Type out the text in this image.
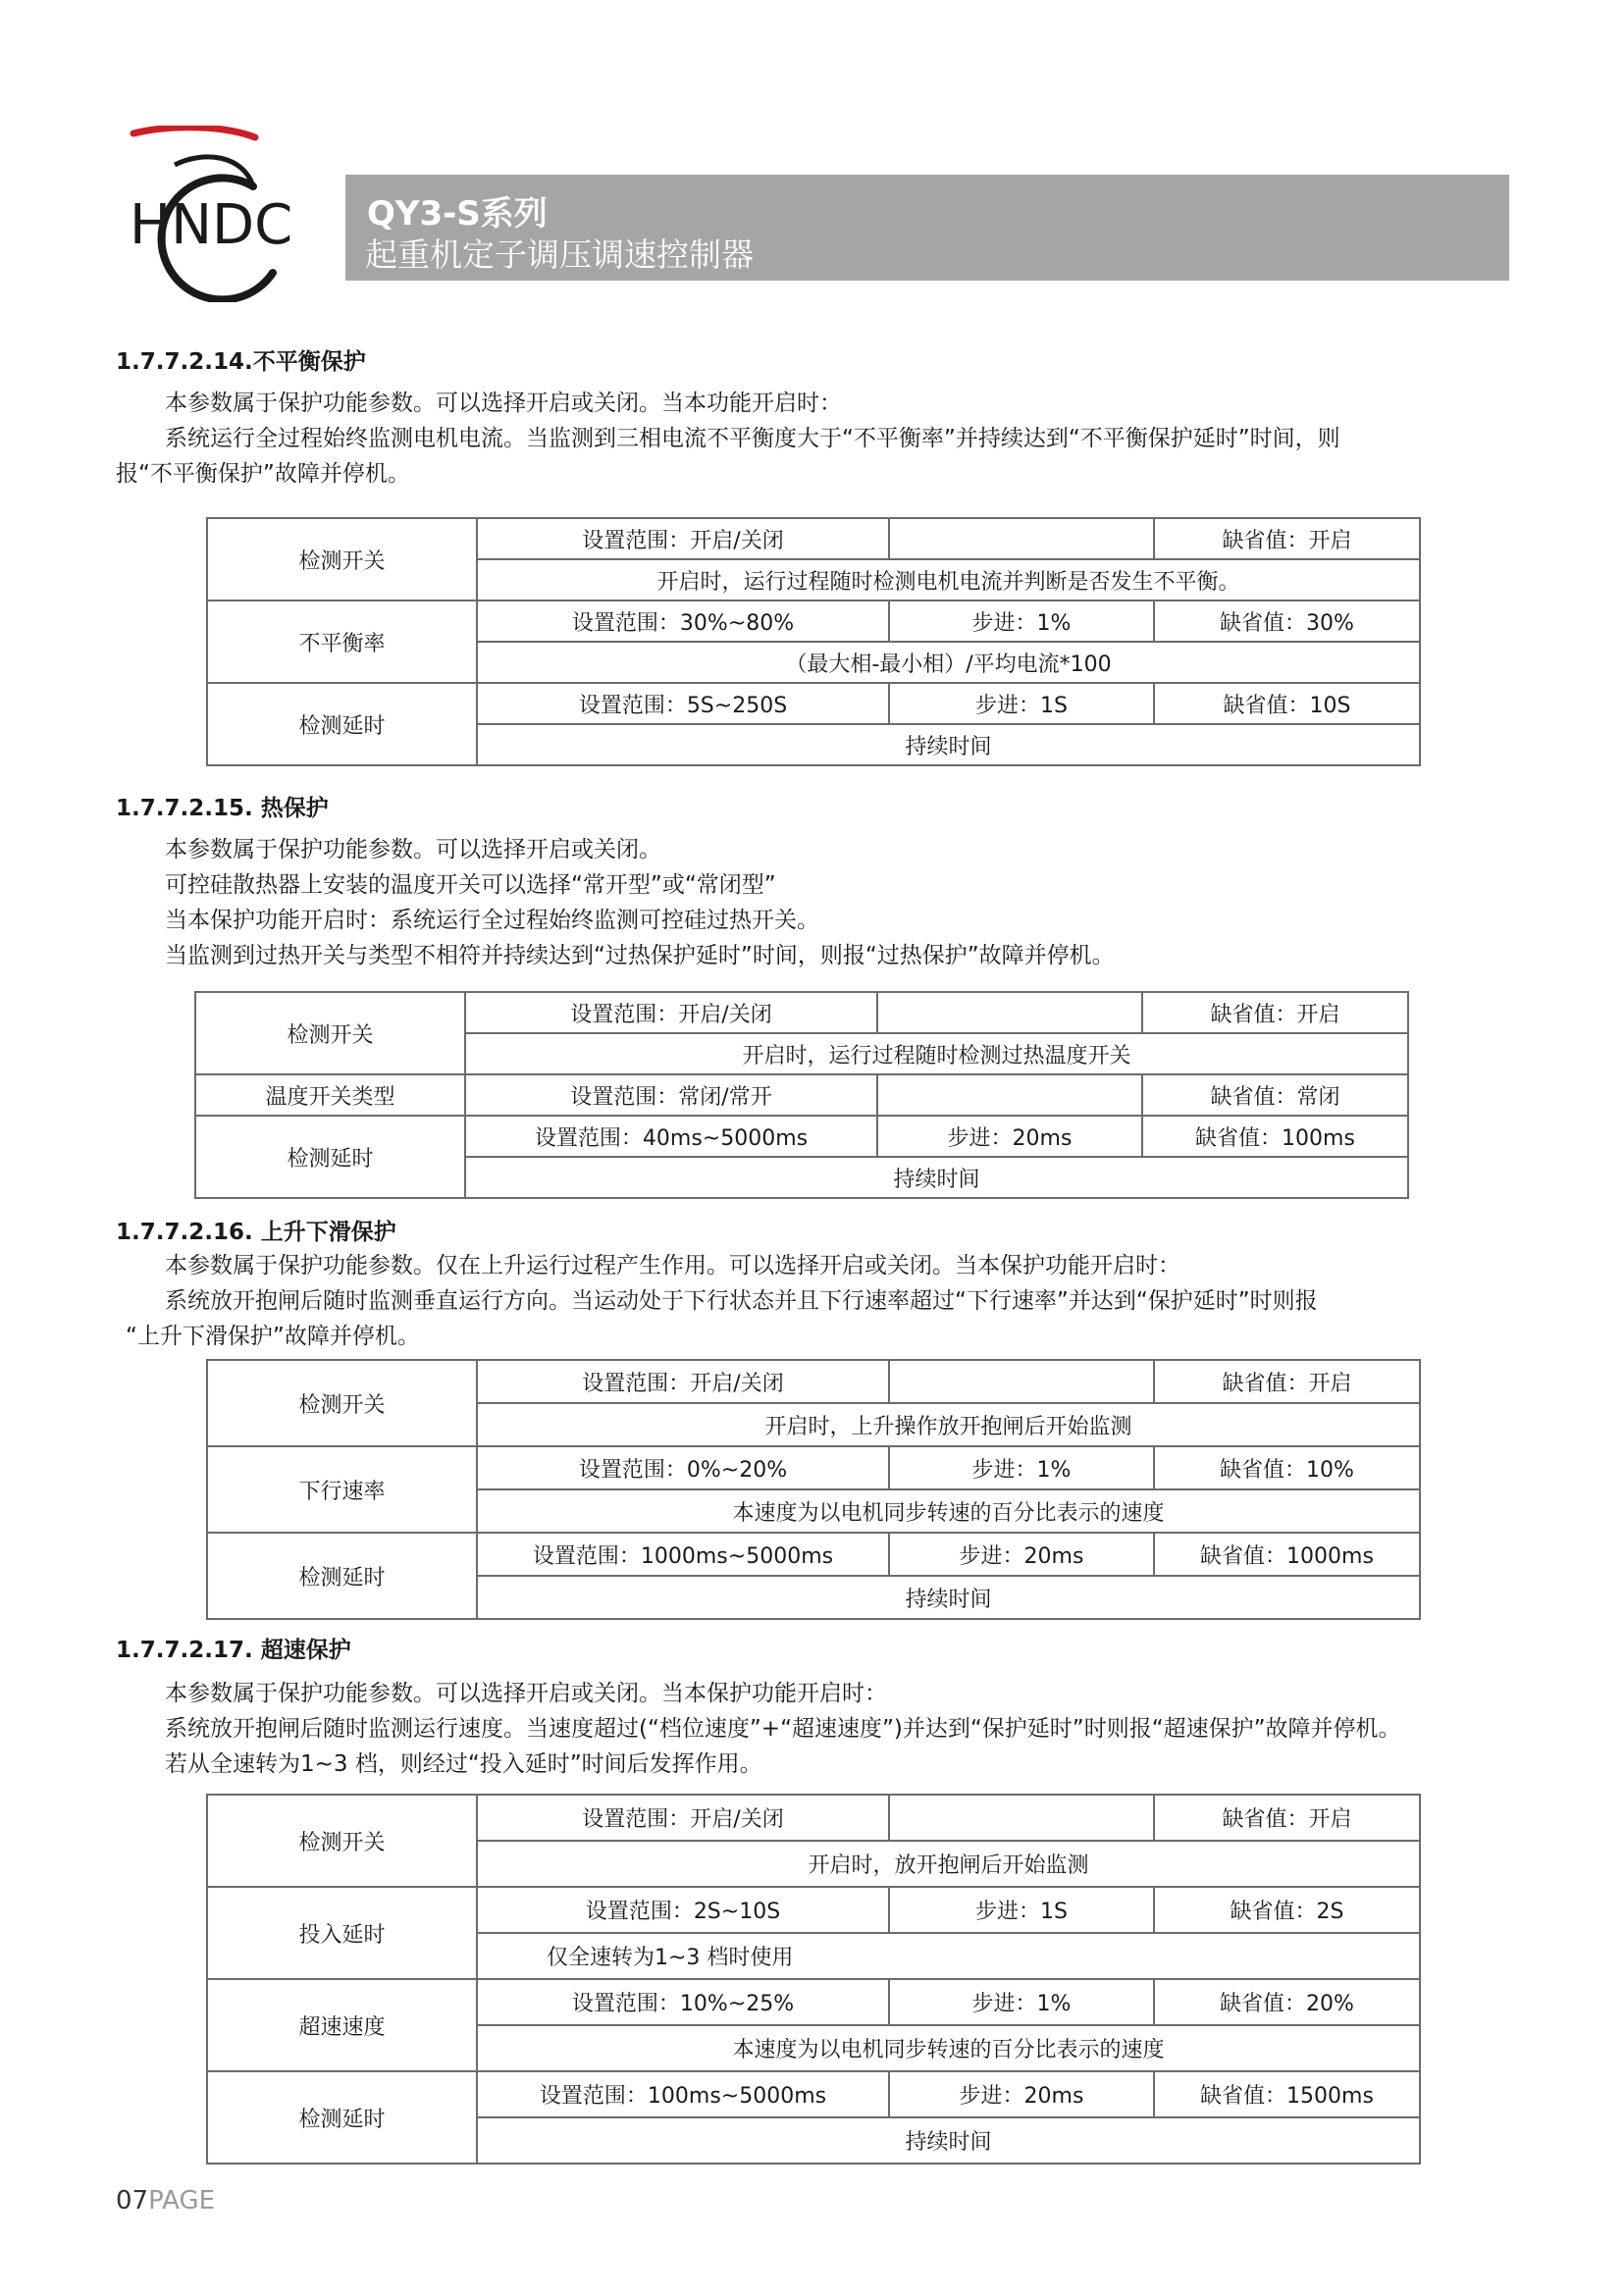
HNDC QY3-S系列
起重机定子调压调速控制器
1.7.7.2.14.不平衡保护
本参数属于保护功能参数。可以选择开启或关闭。当本功能开启时：
系统运行全过程始终监测电机电流。当监测到三相电流不平衡度大于“不平衡率”并持续达到“不平衡保护延时”时间，则
报“不平衡保护”故障并停机。
检测开关	设置范围：开启/关闭		缺省值：开启
	开启时，运行过程随时检测电机电流并判断是否发生不平衡。		
不平衡率	设置范围：30%~80%	步进：1%	缺省值：30%
	（最大相-最小相）/平均电流*100		
检测延时	设置范围：5S~250S	步进：1S	缺省值：10S
	持续时间		
1.7.7.2.15. 热保护
本参数属于保护功能参数。可以选择开启或关闭。
可控硅散热器上安装的温度开关可以选择“常开型”或“常闭型”
当本保护功能开启时：系统运行全过程始终监测可控硅过热开关。
当监测到过热开关与类型不相符并持续达到“过热保护延时”时间，则报“过热保护”故障并停机。
检测开关	设置范围：开启/关闭		缺省值：开启
	开启时，运行过程随时检测过热温度开关		
温度开关类型	设置范围：常闭/常开		缺省值：常闭
检测延时	设置范围：40ms~5000ms	步进：20ms	缺省值：100ms
	持续时间		
1.7.7.2.16. 上升下滑保护
本参数属于保护功能参数。仅在上升运行过程产生作用。可以选择开启或关闭。当本保护功能开启时：
系统放开抱闸后随时监测垂直运行方向。当运动处于下行状态并且下行速率超过“下行速率”并达到“保护延时”时则报
“上升下滑保护”故障并停机。
检测开关	设置范围：开启/关闭		缺省值：开启
	开启时，上升操作放开抱闸后开始监测		
下行速率	设置范围：0%~20%	步进：1%	缺省值：10%
	本速度为以电机同步转速的百分比表示的速度		
检测延时	设置范围：1000ms~5000ms	步进：20ms	缺省值：1000ms
	持续时间		
1.7.7.2.17. 超速保护
本参数属于保护功能参数。可以选择开启或关闭。当本保护功能开启时：
系统放开抱闸后随时监测运行速度。当速度超过(“档位速度”+“超速速度”)并达到“保护延时”时则报“超速保护”故障并停机。
若从全速转为1~3 档，则经过“投入延时”时间后发挥作用。
检测开关	设置范围：开启/关闭		缺省值：开启
	开启时，放开抱闸后开始监测		
投入延时	设置范围：2S~10S	步进：1S	缺省值：2S
	仅全速转为1~3 档时使用		
超速速度	设置范围：10%~25%	步进：1%	缺省值：20%
	本速度为以电机同步转速的百分比表示的速度		
检测延时	设置范围：100ms~5000ms	步进：20ms	缺省值：1500ms
	持续时间		
07PAGE
